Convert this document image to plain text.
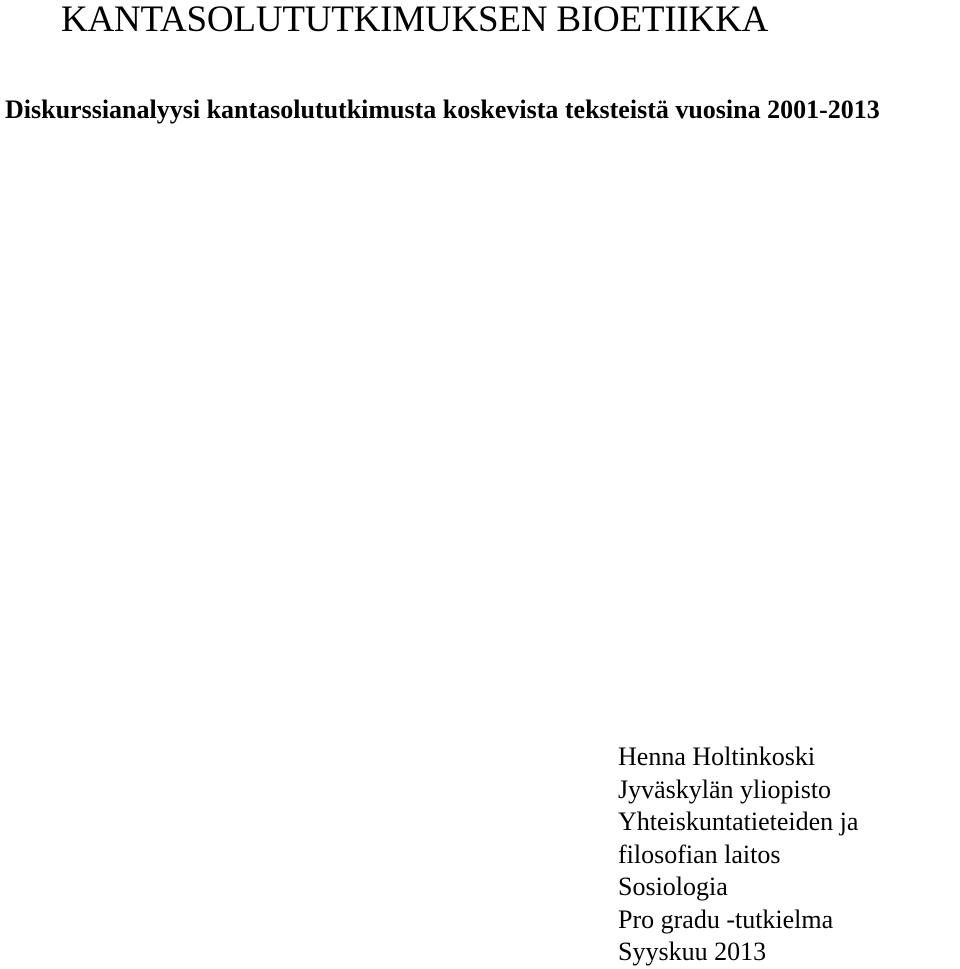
KANTASOLUTUTKIMUKSEN BIOETIIKKA
Diskurssianalyysi kantasolututkimusta koskevista teksteistä vuosina 2001-2013
Henna Holtinkoski
Jyväskylän yliopisto
Yhteiskuntatieteiden ja
filosofian laitos
Sosiologia
Pro gradu -tutkielma
Syyskuu 2013
